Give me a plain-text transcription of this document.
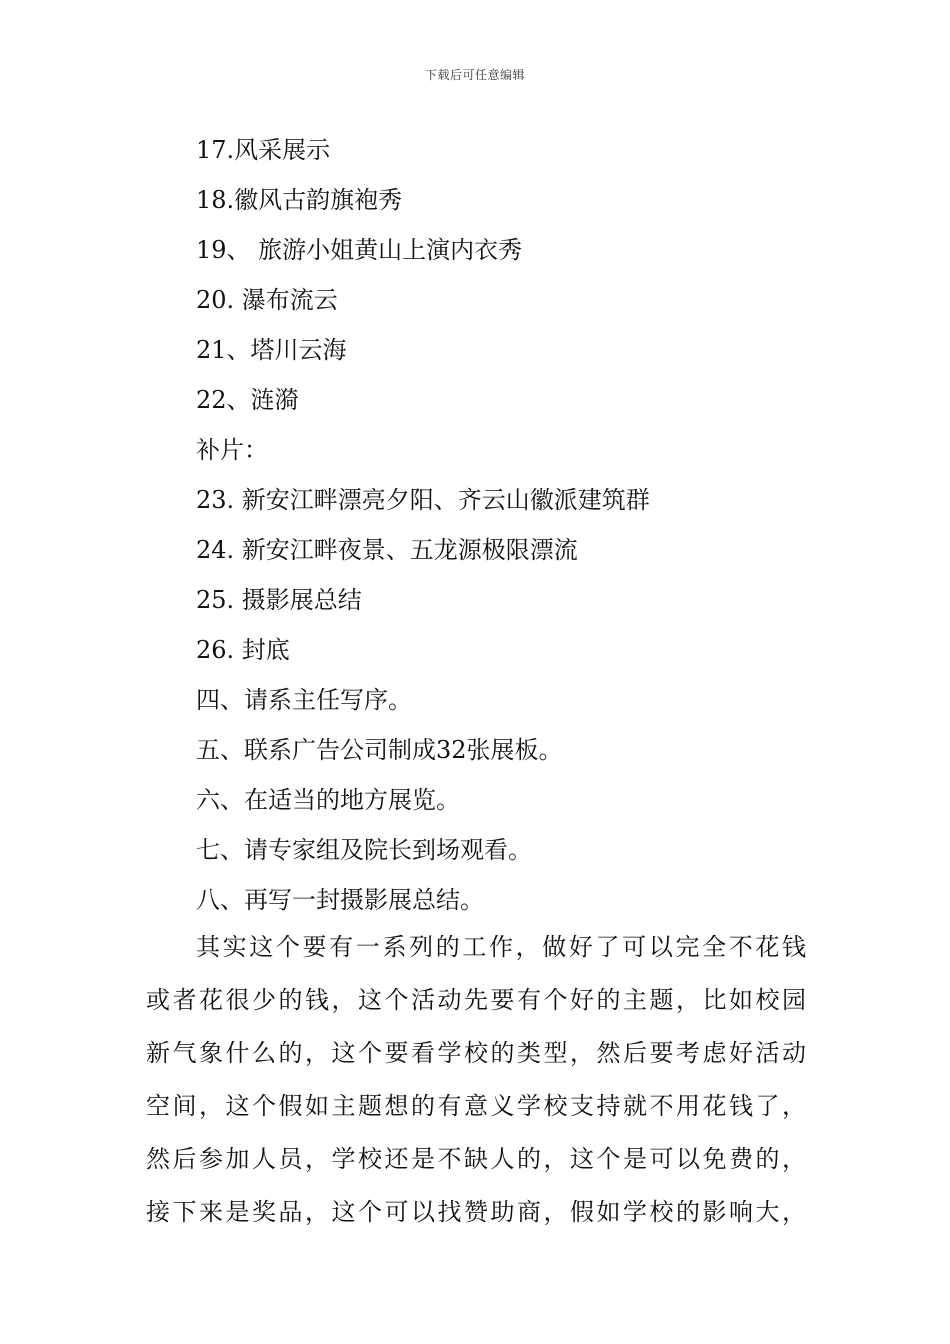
下载后可任意编辑
17.风采展示
18.徽风古韵旗袍秀
19、 旅游小姐黄山上演内衣秀
20. 瀑布流云
21、塔川云海
22、涟漪
补片：
23. 新安江畔漂亮夕阳、齐云山徽派建筑群
24. 新安江畔夜景、五龙源极限漂流
25. 摄影展总结
26. 封底
四、请系主任写序。
五、联系广告公司制成32张展板。
六、在适当的地方展览。
七、请专家组及院长到场观看。
八、再写一封摄影展总结。
其实这个要有一系列的工作，做好了可以完全不花钱
或者花很少的钱，这个活动先要有个好的主题，比如校园
新气象什么的，这个要看学校的类型，然后要考虑好活动
空间，这个假如主题想的有意义学校支持就不用花钱了，
然后参加人员，学校还是不缺人的，这个是可以免费的，
接下来是奖品，这个可以找赞助商，假如学校的影响大，
